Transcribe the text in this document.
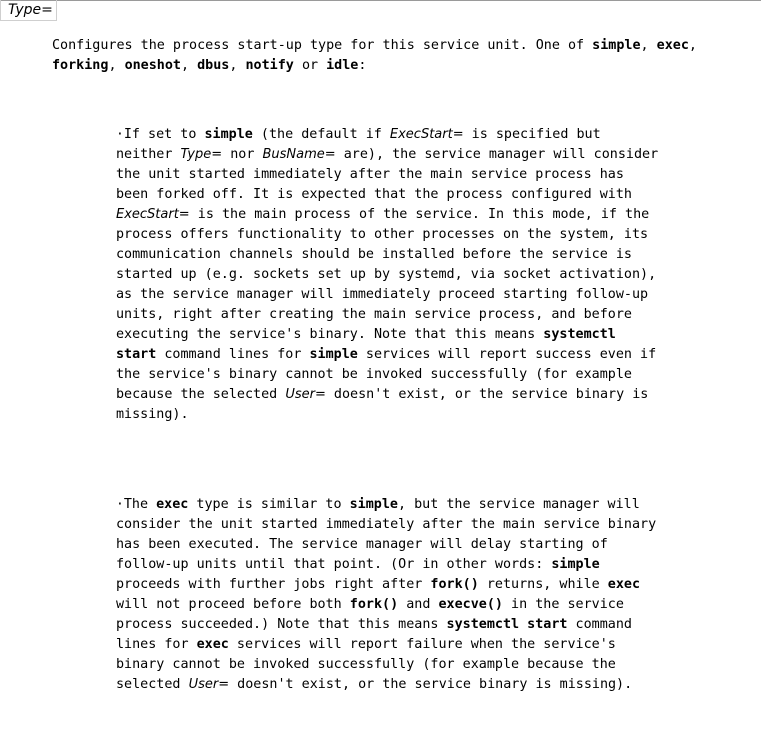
Type=
Configures the process start-up type for this service unit. One of simple, exec, forking, oneshot, dbus, notify or idle:

·If set to simple (the default if ExecStart= is specified but neither Type= nor BusName= are), the service manager will consider the unit started immediately after the main service process has been forked off. It is expected that the process configured with ExecStart= is the main process of the service. In this mode, if the process offers functionality to other processes on the system, its communication channels should be installed before the service is started up (e.g. sockets set up by systemd, via socket activation), as the service manager will immediately proceed starting follow-up units, right after creating the main service process, and before executing the service's binary. Note that this means systemctl start command lines for simple services will report success even if the service's binary cannot be invoked successfully (for example because the selected User= doesn't exist, or the service binary is missing).

·The exec type is similar to simple, but the service manager will consider the unit started immediately after the main service binary has been executed. The service manager will delay starting of follow-up units until that point. (Or in other words: simple proceeds with further jobs right after fork() returns, while exec will not proceed before both fork() and execve() in the service process succeeded.) Note that this means systemctl start command lines for exec services will report failure when the service's binary cannot be invoked successfully (for example because the selected User= doesn't exist, or the service binary is missing).
